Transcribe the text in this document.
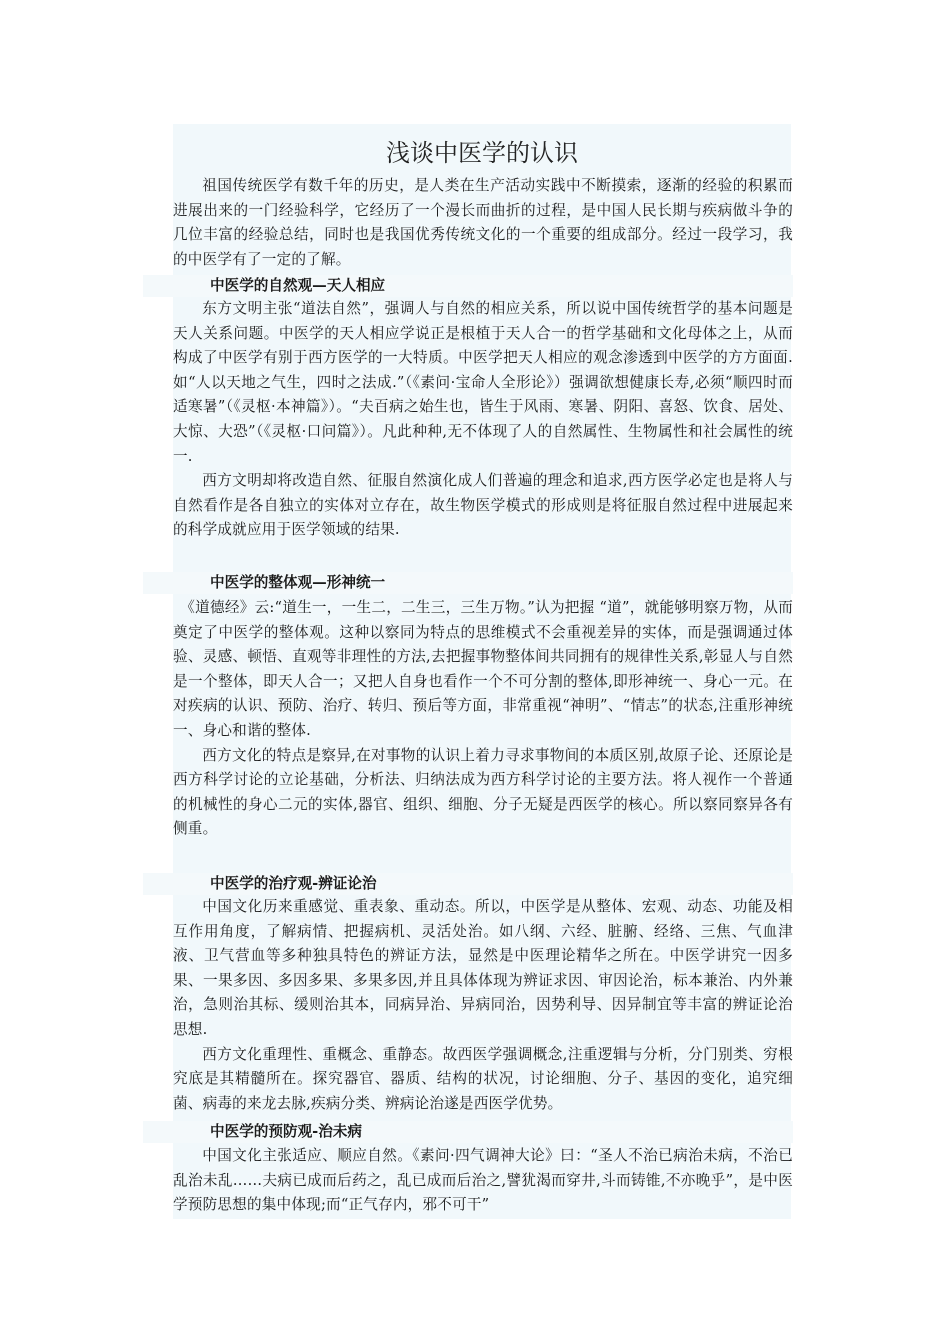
浅谈中医学的认识

祖国传统医学有数千年的历史，是人类在生产活动实践中不断摸索，逐渐的经验的积累而进展出来的一门经验科学，它经历了一个漫长而曲折的过程，是中国人民长期与疾病做斗争的几位丰富的经验总结，同时也是我国优秀传统文化的一个重要的组成部分。经过一段学习，我的中医学有了一定的了解。

中医学的自然观—天人相应

东方文明主张“道法自然”，强调人与自然的相应关系，所以说中国传统哲学的基本问题是天人关系问题。中医学的天人相应学说正是根植于天人合一的哲学基础和文化母体之上，从而构成了中医学有别于西方医学的一大特质。中医学把天人相应的观念渗透到中医学的方方面面.如“人以天地之气生，四时之法成.”（《素问·宝命人全形论》）强调欲想健康长寿,必须“顺四时而适寒暑”（《灵枢·本神篇》）。“夫百病之始生也，皆生于风雨、寒暑、阴阳、喜怒、饮食、居处、大惊、大恐”（《灵枢·口问篇》）。凡此种种,无不体现了人的自然属性、生物属性和社会属性的统一.

西方文明却将改造自然、征服自然演化成人们普遍的理念和追求,西方医学必定也是将人与自然看作是各自独立的实体对立存在，故生物医学模式的形成则是将征服自然过程中进展起来的科学成就应用于医学领域的结果.

中医学的整体观—形神统一

《道德经》云:“道生一，一生二，二生三，三生万物。”认为把握 “道”，就能够明察万物，从而奠定了中医学的整体观。这种以察同为特点的思维模式不会重视差异的实体，而是强调通过体验、灵感、顿悟、直观等非理性的方法,去把握事物整体间共同拥有的规律性关系,彰显人与自然是一个整体，即天人合一；又把人自身也看作一个不可分割的整体,即形神统一、身心一元。在对疾病的认识、预防、治疗、转归、预后等方面，非常重视“神明”、“情志”的状态,注重形神统一、身心和谐的整体.

西方文化的特点是察异,在对事物的认识上着力寻求事物间的本质区别,故原子论、还原论是西方科学讨论的立论基础，分析法、归纳法成为西方科学讨论的主要方法。将人视作一个普通的机械性的身心二元的实体,器官、组织、细胞、分子无疑是西医学的核心。所以察同察异各有侧重。

中医学的治疗观-辨证论治

中国文化历来重感觉、重表象、重动态。所以，中医学是从整体、宏观、动态、功能及相互作用角度，了解病情、把握病机、灵活处治。如八纲、六经、脏腑、经络、三焦、气血津液、卫气营血等多种独具特色的辨证方法，显然是中医理论精华之所在。中医学讲究一因多果、一果多因、多因多果、多果多因,并且具体体现为辨证求因、审因论治，标本兼治、内外兼治，急则治其标、缓则治其本，同病异治、异病同治，因势利导、因异制宜等丰富的辨证论治思想.

西方文化重理性、重概念、重静态。故西医学强调概念,注重逻辑与分析，分门别类、穷根究底是其精髓所在。探究器官、器质、结构的状况，讨论细胞、分子、基因的变化，追究细菌、病毒的来龙去脉,疾病分类、辨病论治遂是西医学优势。

中医学的预防观-治未病

中国文化主张适应、顺应自然。《素问·四气调神大论》曰：“圣人不治已病治未病，不治已乱治未乱……夫病已成而后药之，乱已成而后治之,譬犹渴而穿井,斗而铸锥,不亦晚乎”，是中医学预防思想的集中体现;而“正气存内，邪不可干”
